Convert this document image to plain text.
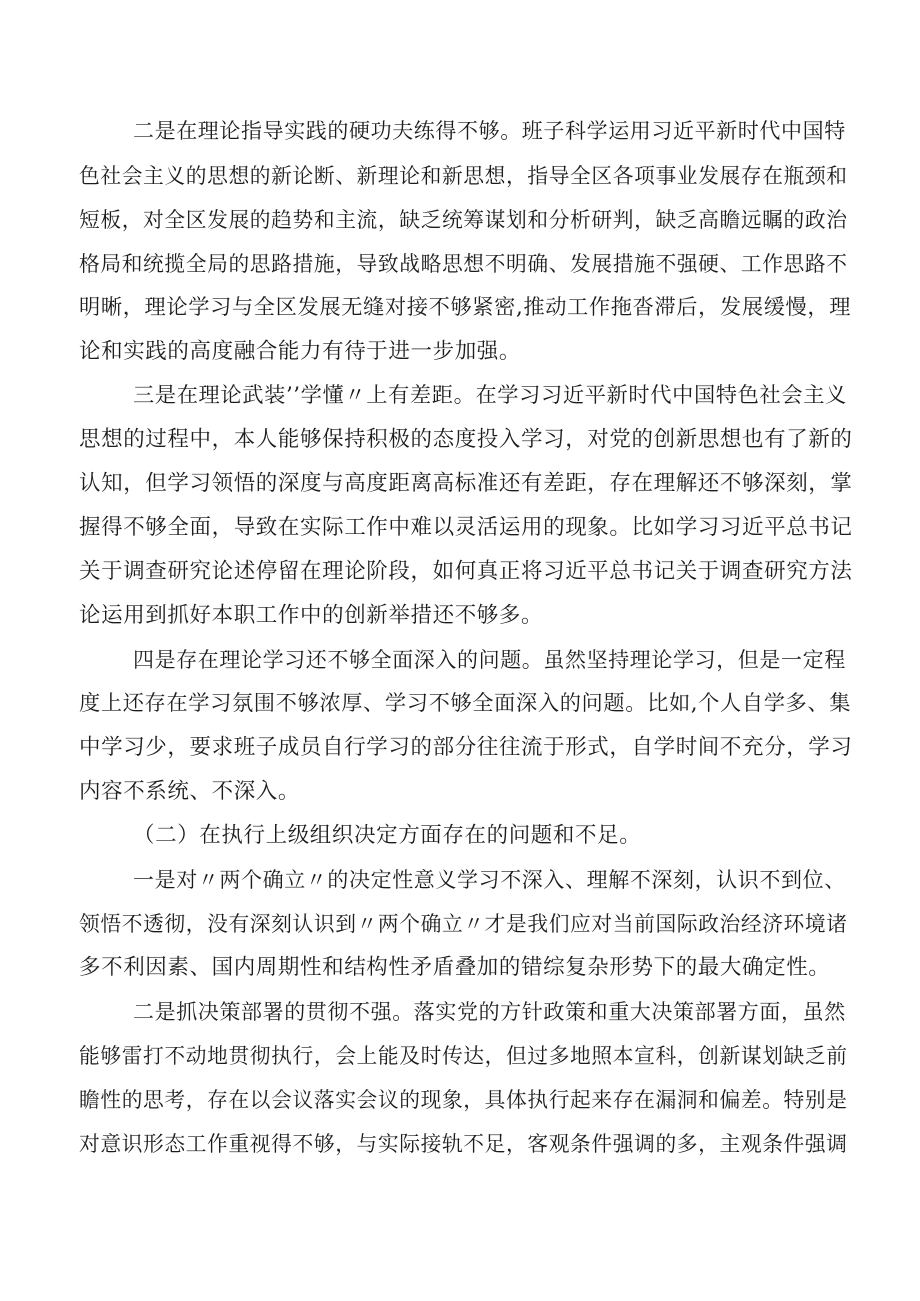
二是在理论指导实践的硬功夫练得不够。班子科学运用习近平新时代中国特

色社会主义的思想的新论断、新理论和新思想，指导全区各项事业发展存在瓶颈和

短板，对全区发展的趋势和主流，缺乏统筹谋划和分析研判，缺乏高瞻远瞩的政治

格局和统揽全局的思路措施，导致战略思想不明确、发展措施不强硬、工作思路不

明晰，理论学习与全区发展无缝对接不够紧密,推动工作拖沓滞后，发展缓慢，理

论和实践的高度融合能力有待于进一步加强。

三是在理论武装’’学懂〃上有差距。在学习习近平新时代中国特色社会主义

思想的过程中，本人能够保持积极的态度投入学习，对党的创新思想也有了新的

认知，但学习领悟的深度与高度距离高标准还有差距，存在理解还不够深刻，掌

握得不够全面，导致在实际工作中难以灵活运用的现象。比如学习习近平总书记

关于调查研究论述停留在理论阶段，如何真正将习近平总书记关于调查研究方法

论运用到抓好本职工作中的创新举措还不够多。

四是存在理论学习还不够全面深入的问题。虽然坚持理论学习，但是一定程

度上还存在学习氛围不够浓厚、学习不够全面深入的问题。比如,个人自学多、集

中学习少，要求班子成员自行学习的部分往往流于形式，自学时间不充分，学习

内容不系统、不深入。

（二）在执行上级组织决定方面存在的问题和不足。

一是对〃两个确立〃的决定性意义学习不深入、理解不深刻，认识不到位、

领悟不透彻，没有深刻认识到〃两个确立〃才是我们应对当前国际政治经济环境诸

多不利因素、国内周期性和结构性矛盾叠加的错综复杂形势下的最大确定性。

二是抓决策部署的贯彻不强。落实党的方针政策和重大决策部署方面，虽然

能够雷打不动地贯彻执行，会上能及时传达，但过多地照本宣科，创新谋划缺乏前

瞻性的思考，存在以会议落实会议的现象，具体执行起来存在漏洞和偏差。特别是

对意识形态工作重视得不够，与实际接轨不足，客观条件强调的多，主观条件强调
